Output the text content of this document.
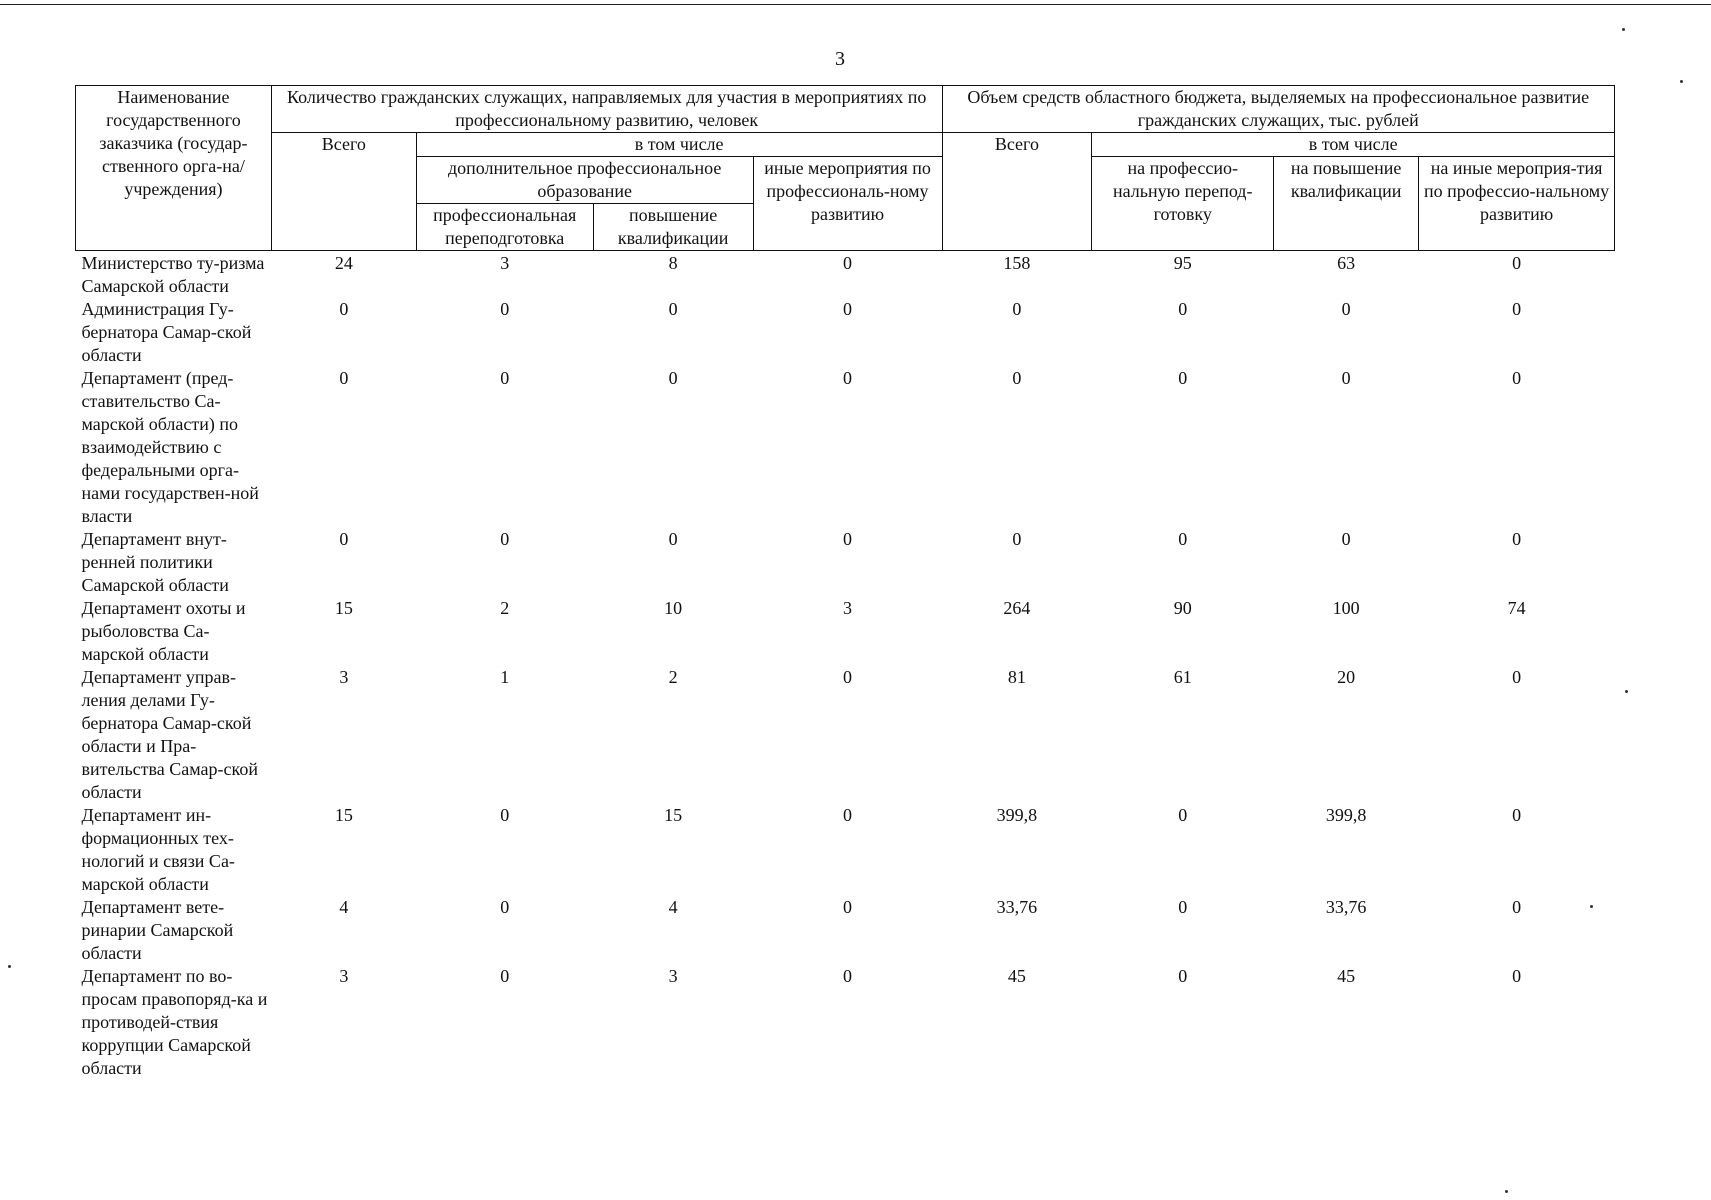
3
Наименование государственного заказчика (государ-ственного орга-на/учреждения)	Количество гражданских служащих, направляемых для участия в мероприятиях по профессиональному развитию, человек				Объем средств областного бюджета, выделяемых на профессиональное развитие гражданских служащих, тыс. рублей			
	Всего	в том числе			Всего	в том числе		
		дополнительное профессиональное образование		иные мероприятия по профессиональ-ному развитию		на профессио-нальную перепод-готовку	на повышение квалификации	на иные мероприя-тия по профессио-нальному развитию
		профессиональная переподготовка	повышение квалификации					
Министерство ту-ризма Самарской области	24	3	8	0	158	95	63	0
Администрация Гу-бернатора Самар-ской области	0	0	0	0	0	0	0	0
Департамент (пред-ставительство Са-марской области) по взаимодействию с федеральными орга-нами государствен-ной власти	0	0	0	0	0	0	0	0
Департамент внут-ренней политики Самарской области	0	0	0	0	0	0	0	0
Департамент охоты и рыболовства Са-марской области	15	2	10	3	264	90	100	74
Департамент управ-ления делами Гу-бернатора Самар-ской области и Пра-вительства Самар-ской области	3	1	2	0	81	61	20	0
Департамент ин-формационных тех-нологий и связи Са-марской области	15	0	15	0	399,8	0	399,8	0
Департамент вете-ринарии Самарской области	4	0	4	0	33,76	0	33,76	0
Департамент по во-просам правопоряд-ка и противодей-ствия коррупции Самарской области	3	0	3	0	45	0	45	0
